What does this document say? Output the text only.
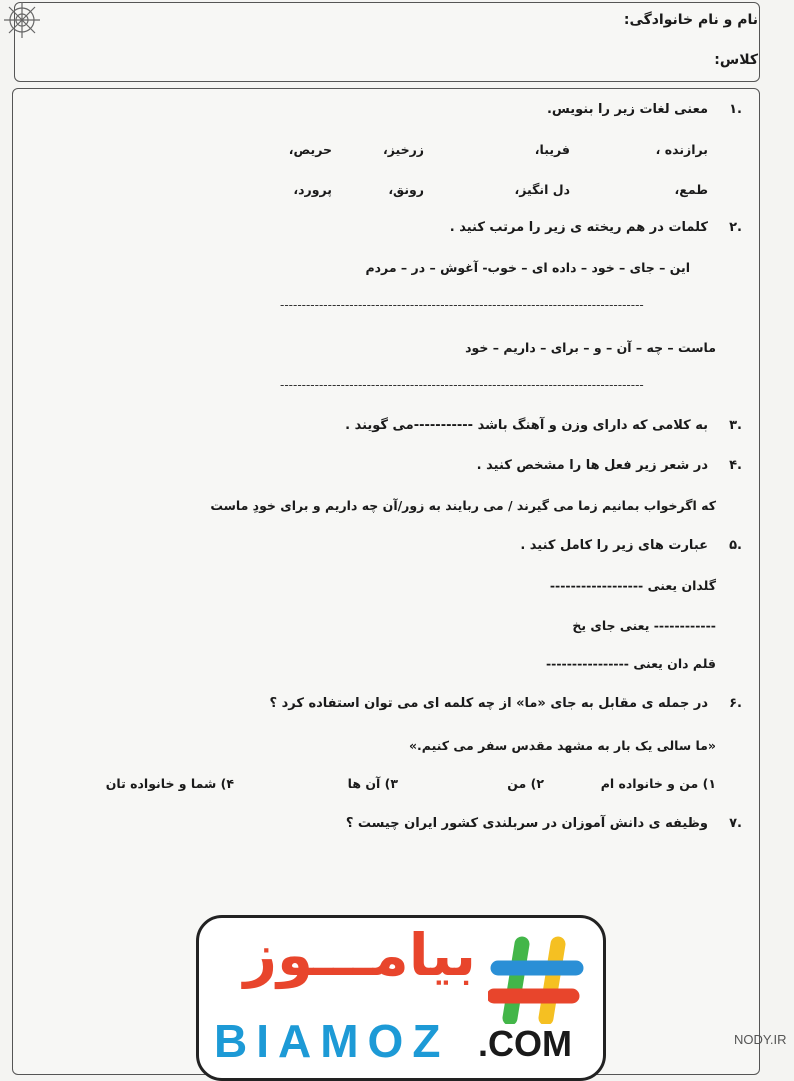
نام و نام خانوادگی:
کلاس:
.۱
معنی لغات زیر را بنویس.
برازنده ،
فریبا،
زرخیز،
حریص،
طمع،
دل انگیز،
رونق،
پرورد،
.۲
کلمات در هم ریخته ی زیر را مرتب کنید .
این – جای – خود – داده ای – خوب- آغوش – در – مردم
------------------------------------------------------------------------------------
ماست – چه – آن – و – برای – داریم – خود
------------------------------------------------------------------------------------
.۳
به کلامی که دارای وزن و آهنگ باشد -----------می گویند .
.۴
در شعر زیر فعل ها را مشخص کنید .
که اگرخواب بمانیم زما می گیرند / می ربایند به زور/آن چه داریم و برای خودِ ماست
.۵
عبارت های زیر را کامل کنید .
گلدان یعنی ------------------
------------ یعنی جای یخ
قلم دان یعنی ----------------
.۶
در جمله ی مقابل به جای «ما» از چه کلمه ای می توان استفاده کرد ؟
«ما سالی یک بار به مشهد مقدس سفر می کنیم.»
۱) من و خانواده ام
۲) من
۳) آن ها
۴) شما و خانواده تان
.۷
وظیفه ی دانش آموزان در سربلندی کشور ایران چیست ؟
بیامـــوز
BIAMOZ .COM	NODY.IR
